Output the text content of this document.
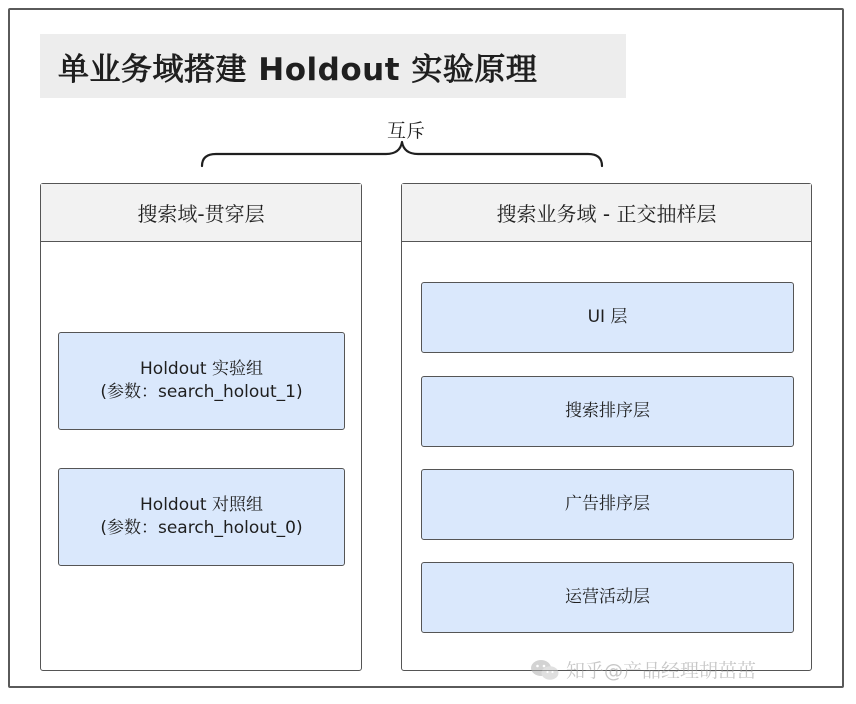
单业务域搭建 Holdout 实验原理
互斥
搜索域-贯穿层
Holdout 实验组
(参数：search_holout_1)
Holdout 对照组
(参数：search_holout_0)
搜索业务域 - 正交抽样层
UI 层
搜索排序层
广告排序层
运营活动层
知乎@产品经理胡茁茁
